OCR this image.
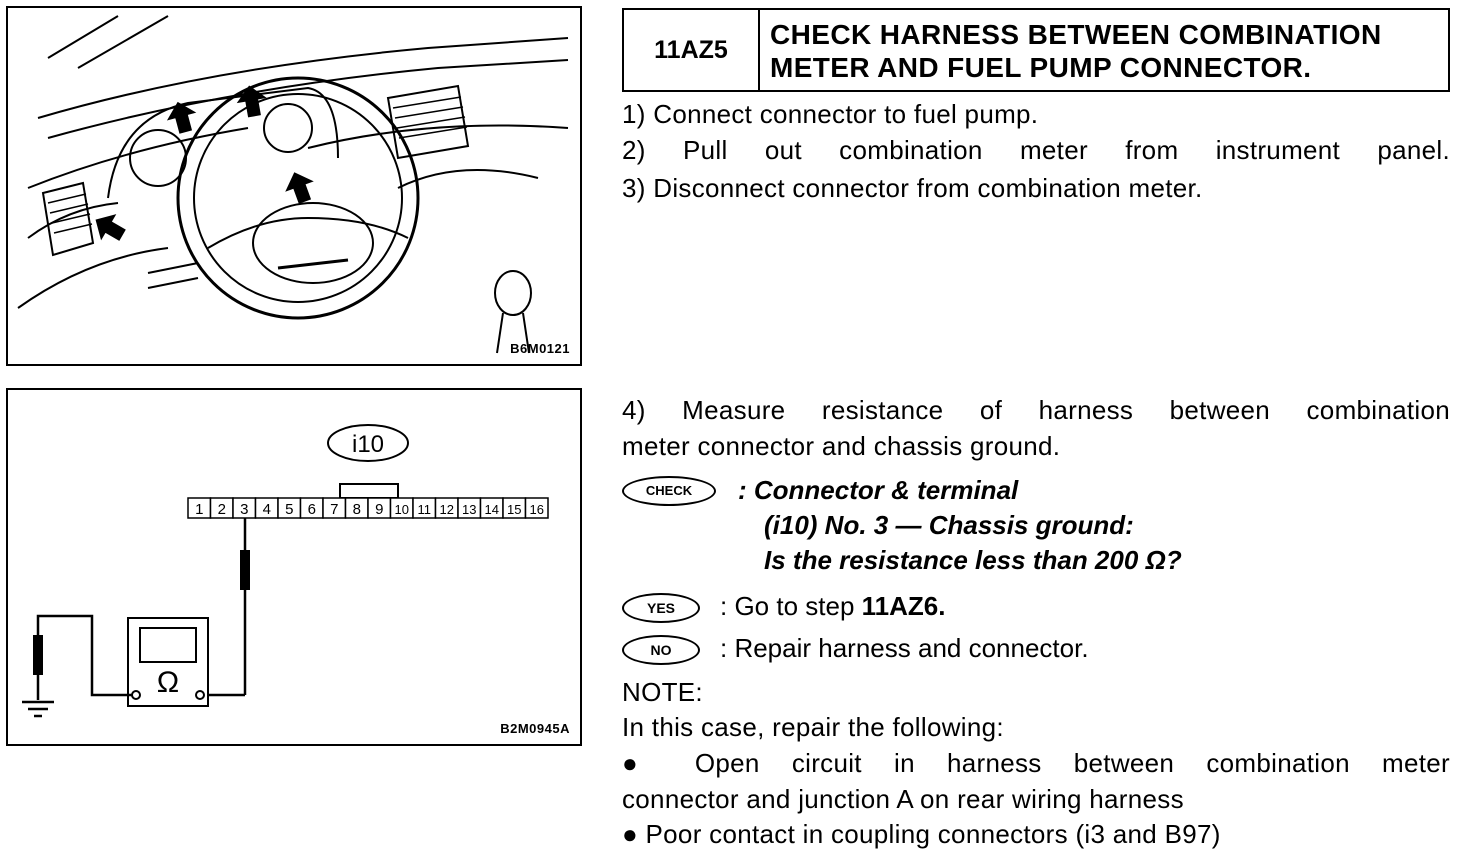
B6M0121
i10
1 2 3 4 5 6 7 8 9 10 11 12 13 14 15 16
Ω
B2M0945A
11AZ5	CHECK HARNESS BETWEEN COMBINATION
METER AND FUEL PUMP CONNECTOR.
1) Connect connector to fuel pump.
2) Pull out combination meter from instrument panel.
3) Disconnect connector from combination meter.
4) Measure resistance of harness between combination
meter connector and chassis ground.
CHECK	: Connector & terminal
(i10) No. 3 — Chassis ground:
Is the resistance less than 200 Ω?
YES : Go to step 11AZ6.
NO : Repair harness and connector.
NOTE:
In this case, repair the following:
● Open circuit in harness between combination meter
connector and junction A on rear wiring harness
● Poor contact in coupling connectors (i3 and B97)
